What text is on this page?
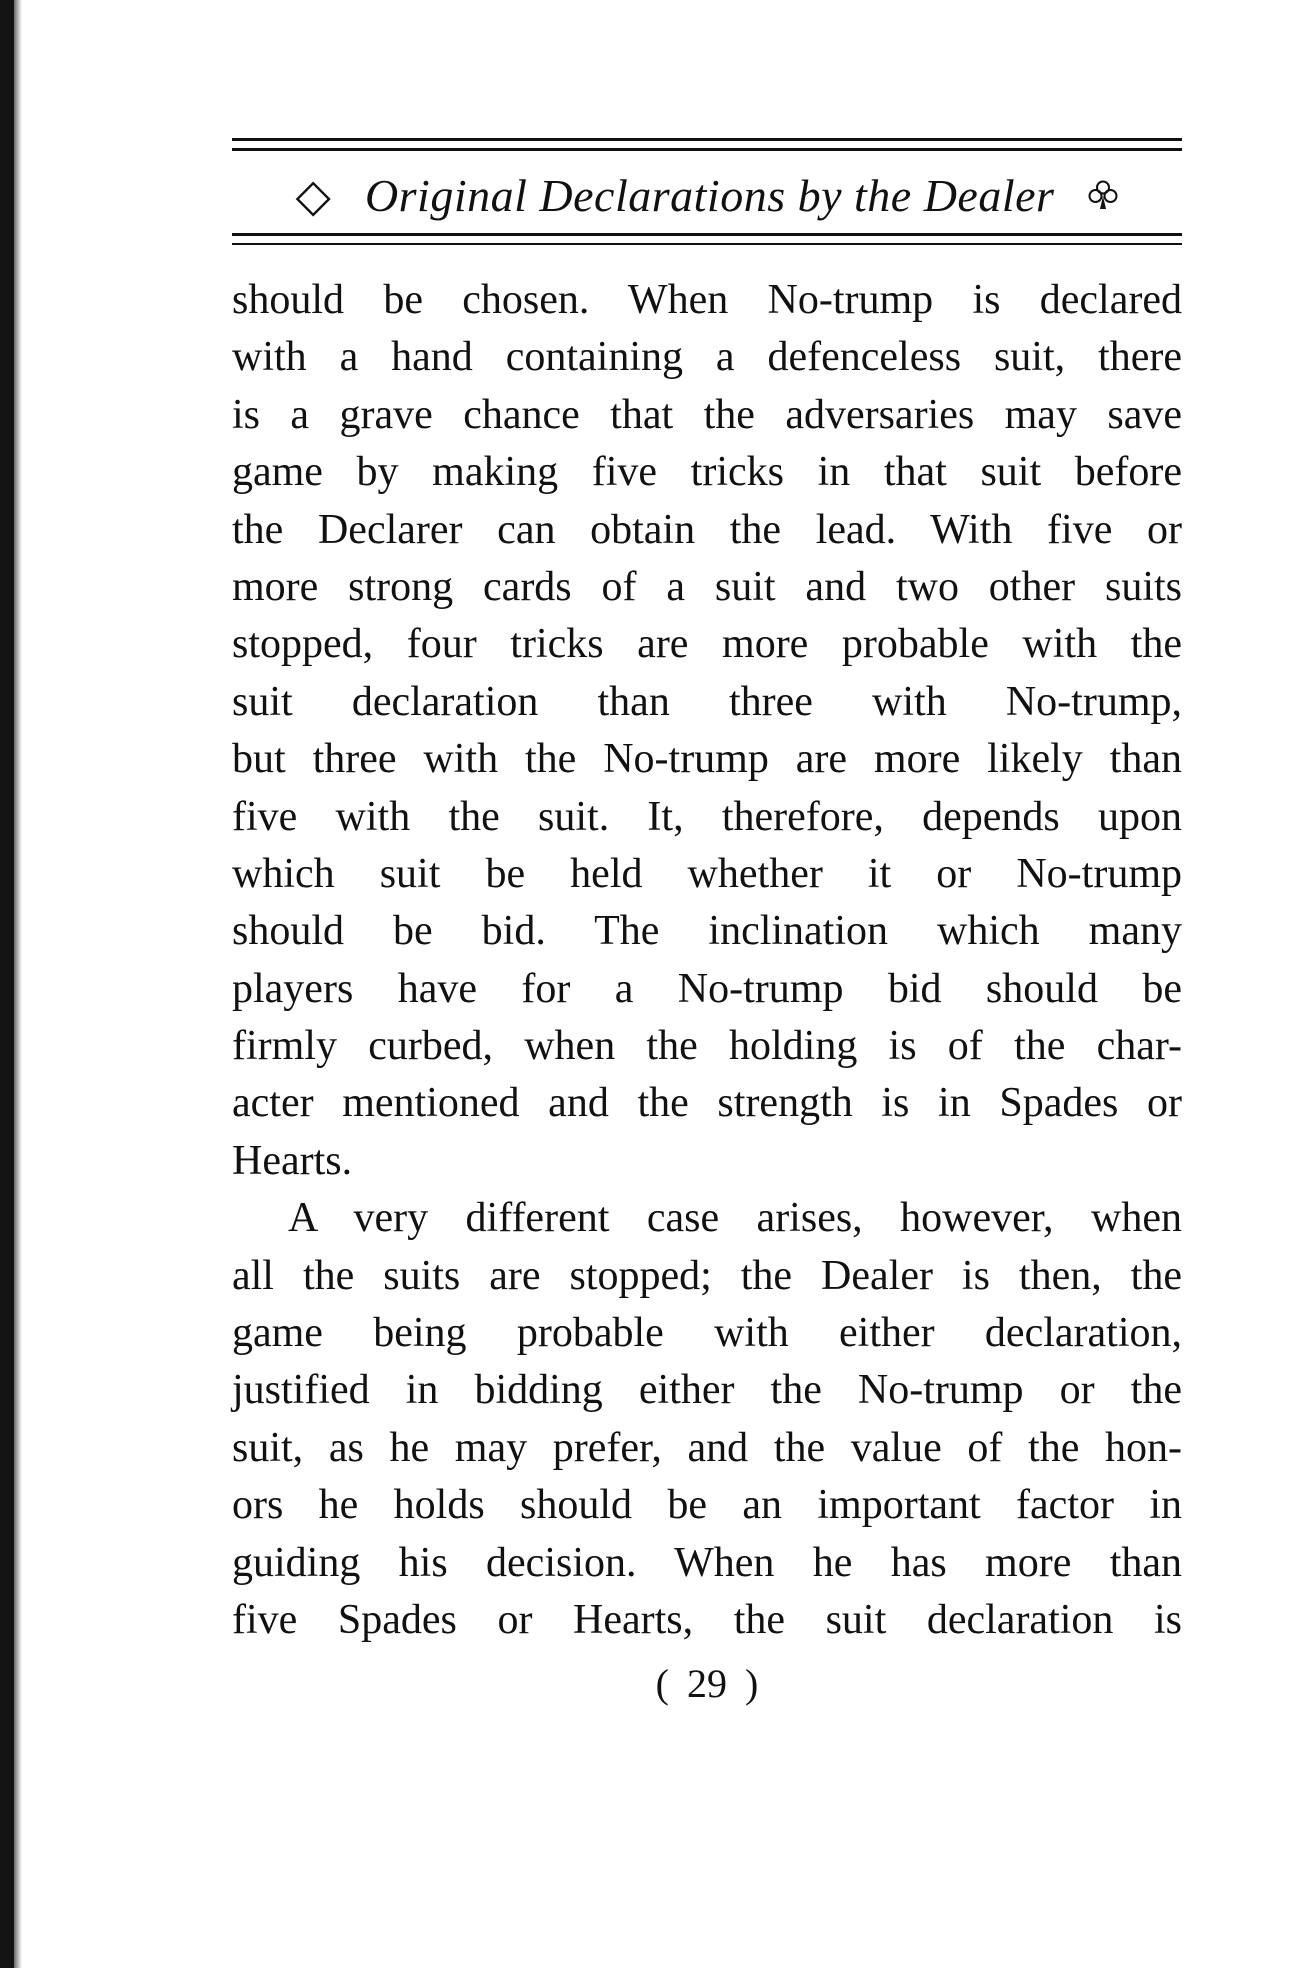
◇ Original Declarations by the Dealer
should be chosen. When No-trump is declared
with a hand containing a defenceless suit, there
is a grave chance that the adversaries may save
game by making five tricks in that suit before
the Declarer can obtain the lead. With five or
more strong cards of a suit and two other suits
stopped, four tricks are more probable with the
suit declaration than three with No-trump,
but three with the No-trump are more likely than
five with the suit. It, therefore, depends upon
which suit be held whether it or No-trump
should be bid. The inclination which many
players have for a No-trump bid should be
firmly curbed, when the holding is of the char-
acter mentioned and the strength is in Spades or
Hearts.
A very different case arises, however, when
all the suits are stopped; the Dealer is then, the
game being probable with either declaration,
justified in bidding either the No-trump or the
suit, as he may prefer, and the value of the hon-
ors he holds should be an important factor in
guiding his decision. When he has more than
five Spades or Hearts, the suit declaration is
( 29 )
